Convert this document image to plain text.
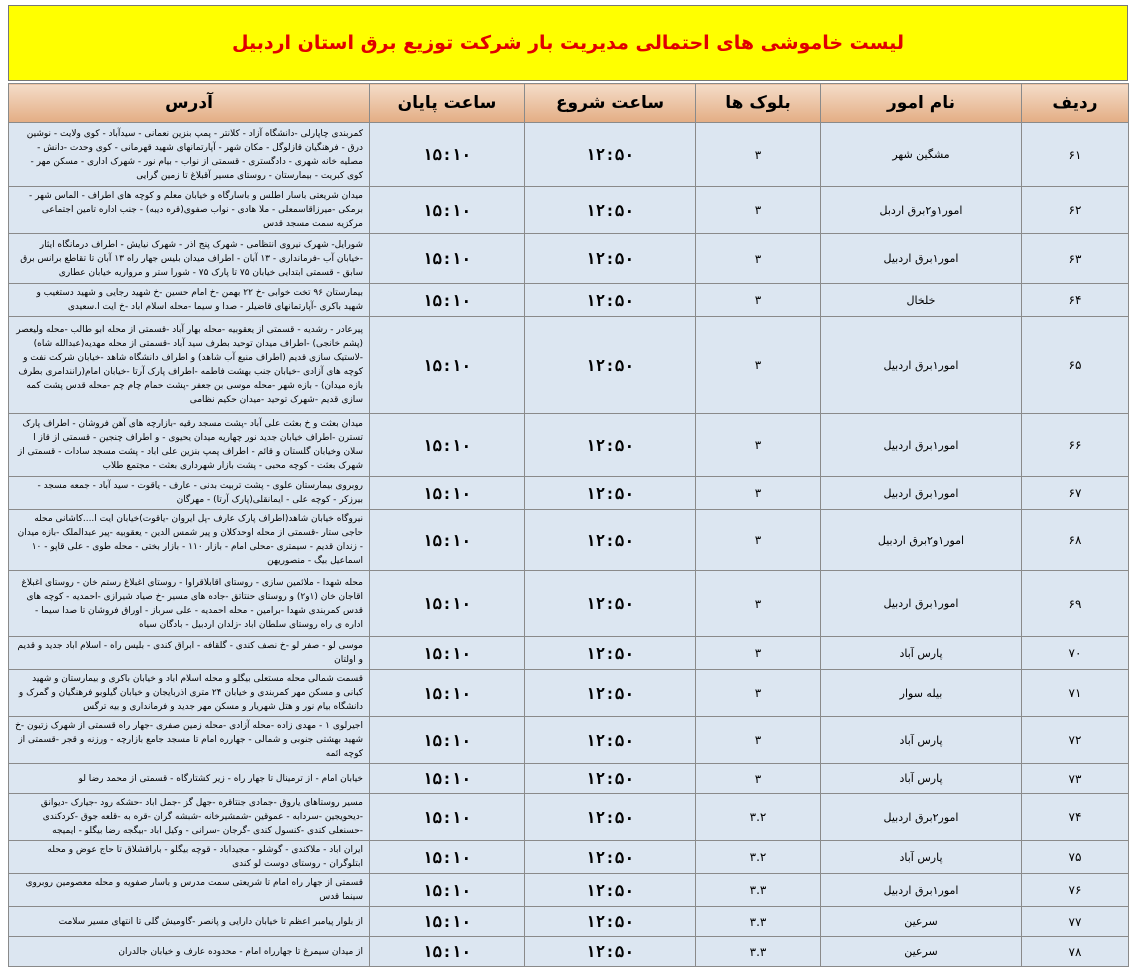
لیست خاموشی های احتمالی مدیریت بار شرکت توزیع برق استان اردبیل
ردیف	نام امور	بلوک ها	ساعت شروع	ساعت پایان	آدرس
۶۱	مشگین شهر	۳	۱۲:۵۰	۱۵:۱۰	کمربندی چاپارلی -دانشگاه آزاد - کلانتر - پمپ بنزین نعمانی - سیدآباد - کوی ولایت - نوشین درق - فرهنگیان قازلوگل - مکان شهر - آپارتمانهای شهید قهرمانی - کوی وحدت -دانش - مصلیه خانه شهری - دادگستری - قسمتی از نواب - بیام نور - شهرک اداری - مسکن مهر - کوی کبریت - بیمارستان - روستای مسیر آقبلاغ تا زمین گرایی
۶۲	امور۱و۲برق اردبل	۳	۱۲:۵۰	۱۵:۱۰	میدان شریعتی باسار اطلس و باسارگاه و خیابان معلم و کوچه های اطراف - الماس شهر - برمکی -میرزاقاسمعلی - ملا هادی - نواب صفوی(قره دیبه) - جنب اداره تامین اجتماعی مرکزیه سمت مسجد قدس
۶۳	امور۱برق اردبیل	۳	۱۲:۵۰	۱۵:۱۰	شورایل- شهرک نیروی انتظامی - شهرک پنج اذر - شهرک نیایش - اطراف درمانگاه ایثار -خیابان آب -فرمانداری - ۱۳ آبان - اطراف میدان بلیس جهار راه ۱۳ آبان تا تقاطع برانس برق سابق - قسمتی ابتدایی خیابان ۷۵ تا پارک ۷۵ - شورا ستر و مرواریه خیابان عطاری
۶۴	خلخال	۳	۱۲:۵۰	۱۵:۱۰	بیمارستان ۹۶ تخت خوابی -خ ۲۲ بهمن -خ امام حسین -خ شهید رجایی و شهید دستغیب و شهید باکری -آپارتمانهای قاضیلر - صدا و سیما -محله اسلام اباد -خ ایت ا.سعیدی
۶۵	امور۱برق اردبیل	۳	۱۲:۵۰	۱۵:۱۰	پیرعادر - رشدیه - قسمتی از یعقوبیه -محله بهار آباد -قسمتی از محله ابو طالب -محله ولیعصر (پشم خانجی) -اطراف میدان توحید بطرف سید آباد -قسمتی از محله مهدیه(عبدالله شاه) -لاستیک سازی قدیم (اطراف منبع آب شاهد) و اطراف دانشگاه شاهد -خیابان شرکت نفت و کوچه های آزادی -خیابان جنب بهشت فاطمه -اطراف پارک آرتا -خیابان امام(رانندامری بطرف بازه میدان) - بازه شهر -محله موسی بن جعفر -پشت حمام چام چم -محله قدس پشت کمه سازی قدیم -شهرک توحید -میدان حکیم نظامی
۶۶	امور۱برق اردبیل	۳	۱۲:۵۰	۱۵:۱۰	میدان بعثت و خ بعثت علی آباد -پشت مسجد رقیه -بازارچه های آهن فروشان - اطراف پارک تسترن -اطراف خیابان جدید نور چهارپه میدان یحیوی - و اطراف چنجین - قسمتی از قاز ا سلان وخیابان گلستان و قائم - اطراف پمپ بنزین علی اباد - پشت مسجد سادات - قسمتی از شهرک بعثت - کوچه محبی - پشت بازار شهرداری بعثت - مجتمع طلاب
۶۷	امور۱برق اردبیل	۳	۱۲:۵۰	۱۵:۱۰	روبروی بیمارستان علوی - پشت تربیت بدنی - عارف - یاقوت - سید آباد - جمعه مسجد - بیرزکر - کوچه علی - ایمانقلی(پارک آرتا) - مهرگان
۶۸	امور۱و۲برق اردبیل	۳	۱۲:۵۰	۱۵:۱۰	نیروگاه خیابان شاهد(اطراف پارک عارف -پل ایروان -یاقوت)خیابان ایت ا....کاشانی محله حاجی ستار -قسمتی از محله اوحدکلان و پیر شمس الدین - یعقوبیه -پیر عبدالملک -بازه میدان - زندان قدیم - سیمتری -محلی امام - بازار ۱۱۰ - بازار بختی - محله طوی - علی قاپو - ۱۰ اسماعیل بیگ - منصوریهن
۶۹	امور۱برق اردبیل	۳	۱۲:۵۰	۱۵:۱۰	محله شهدا - ملائمین سازی - روستای اقابلاقراوا - روستای اغبلاغ رستم خان - روستای اغبلاغ اقاجان خان (۱و۲) و روستای حنتاتق -جاده های مسیر -خ صیاد شیرازی -احمدیه - کوچه های قدس کمربندی شهدا -برامین - محله احمدیه - علی سرباز - اوراق فروشان تا صدا سیما - اداره ی راه روستای سلطان اباد -زلدان اردبیل - بادگان سیاه
۷۰	پارس آباد	۳	۱۲:۵۰	۱۵:۱۰	موسی لو - صفر لو -خ نصف کندی - گلقافه - ابراق کندی - بلیس راه - اسلام اباد جدید و قدیم و اولتان
۷۱	بیله سوار	۳	۱۲:۵۰	۱۵:۱۰	قسمت شمالی محله مستعلی بیگلو و محله اسلام اباد و خیابان باکری و بیمارستان و شهید کبانی و مسکن مهر کمربندی و خیابان ۲۴ متری اذربایجان و خیابان گیلوبو فرهنگیان و گمرک و دانشگاه بیام نور و هتل شهریار و مسکن مهر جدید و فرمانداری و بیه ترگس
۷۲	پارس آباد	۳	۱۲:۵۰	۱۵:۱۰	اجیرلوی ۱ - مهدی زاده -محله آزادی -محله زمین صفری -جهار راه قسمتی از شهرک زتیون -خ شهید بهشتی جنوبی و شمالی - جهارره امام تا مسجد جامع بازارچه - ورزنه و قجر -قسمتی از کوچه ائمه
۷۳	پارس آباد	۳	۱۲:۵۰	۱۵:۱۰	خیابان امام - از ترمینال تا جهار راه - زیر کشتارگاه - قسمتی از محمد رضا لو
۷۴	امور۲برق اردبیل	۳.۲	۱۲:۵۰	۱۵:۱۰	مسیر روستاهای یاروق -جمادی جنتاقره -جهل گز -جمل اباد -حشکه رود -جیارک -دیوانق -دیحویجین -سردابه - عموقین -شمشیرخانه -شبشه گران -قره به -قلعه جوق -کردکندی -حسنعلی کندی -کنسول کندی -گرجان -سرانی - وکیل اباد -بیگجه رضا بیگلو - ایمیجه
۷۵	پارس آباد	۳.۲	۱۲:۵۰	۱۵:۱۰	ایران اباد - ملاکندی - گوشلو - مجیداباد - قوچه بیگلو - باراقشلاق تا حاج عوض و محله ابتلوگران - روستای دوست لو کندی
۷۶	امور۱برق اردبیل	۳.۳	۱۲:۵۰	۱۵:۱۰	قسمتی از جهار راه امام تا شریعتی سمت مدرس و باسار صفویه و محله معصومین روبروی سینما قدس
۷۷	سرعین	۳.۳	۱۲:۵۰	۱۵:۱۰	از بلوار پیامبر اعظم تا خیابان دارایی و پانصر -گاومیش گلی تا انتهای مسیر سلامت
۷۸	سرعین	۳.۳	۱۲:۵۰	۱۵:۱۰	از میدان سیمرغ تا جهارراه امام - محدوده عارف و خیابان جالدران
